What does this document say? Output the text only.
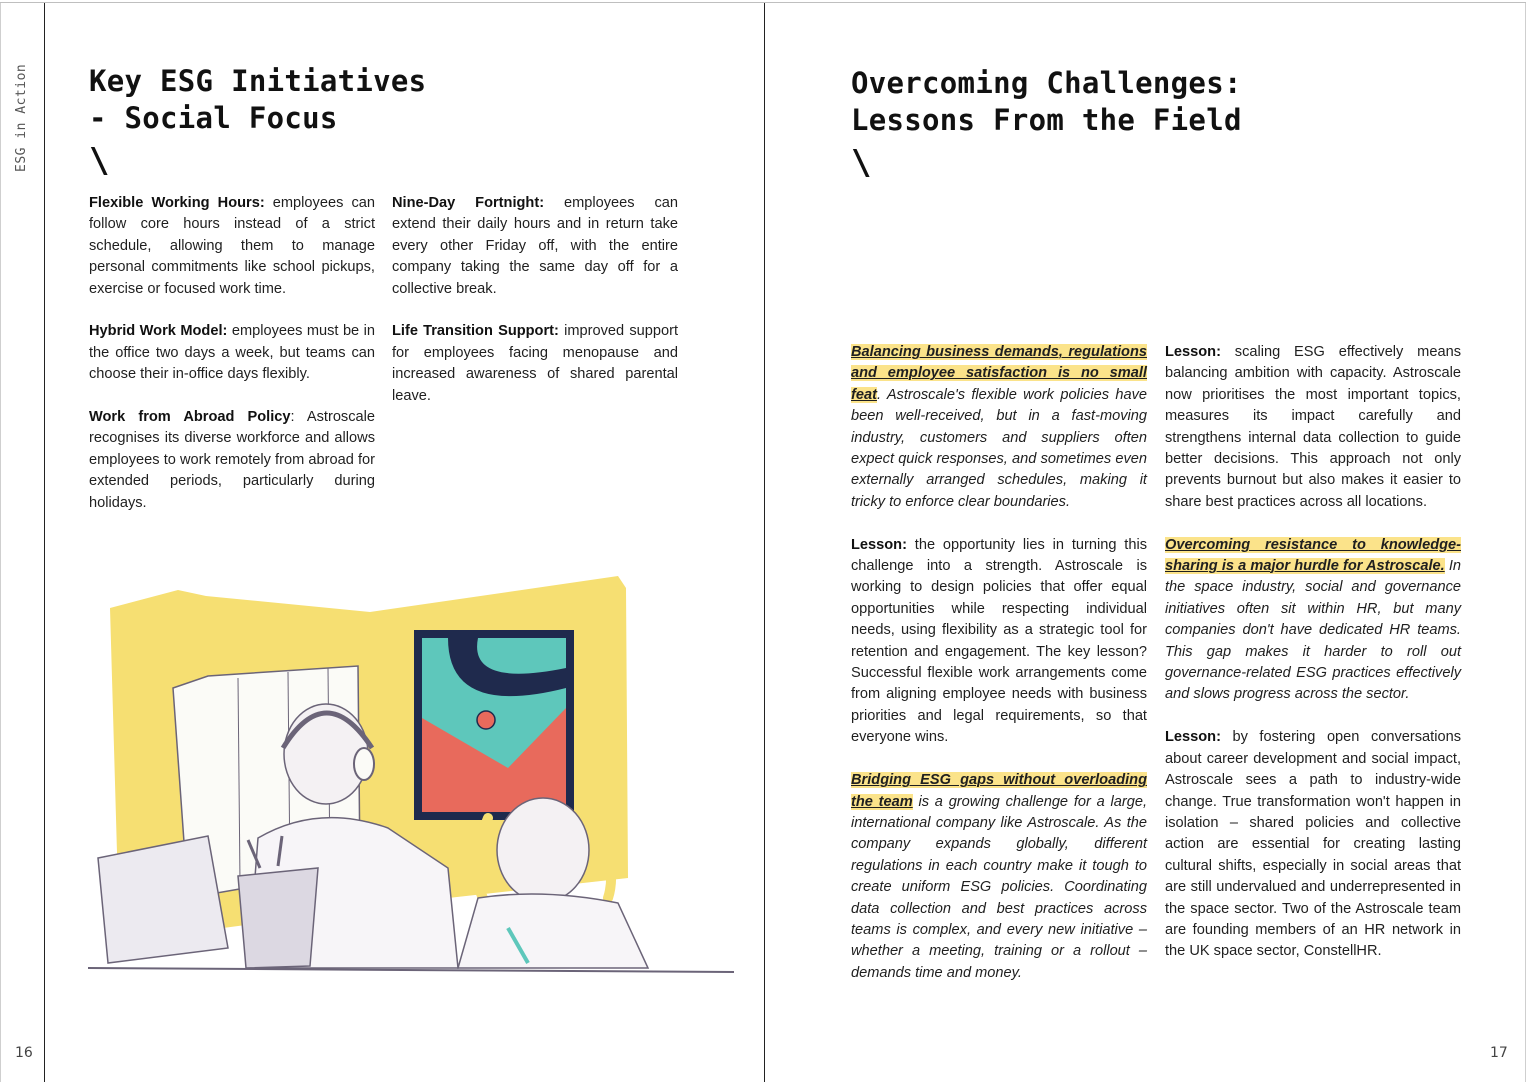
ESG in Action
16	17
Key ESG Initiatives
- Social Focus
\

Flexible Working Hours: employees can follow core hours instead of a strict schedule, allowing them to manage personal commitments like school pickups, exercise or focused work time.

Hybrid Work Model: employees must be in the office two days a week, but teams can choose their in-office days flexibly.

Work from Abroad Policy: Astroscale recognises its diverse workforce and allows employees to work remotely from abroad for extended periods, particularly during holidays.

Nine-Day Fortnight: employees can extend their daily hours and in return take every other Friday off, with the entire company taking the same day off for a collective break.

Life Transition Support: improved support for employees facing menopause and increased awareness of shared parental leave.

Overcoming Challenges:
Lessons From the Field
\

Balancing business demands, regulations and employee satisfaction is no small feat. Astroscale's flexible work policies have been well-received, but in a fast-moving industry, customers and suppliers often expect quick responses, and sometimes even externally arranged schedules, making it tricky to enforce clear boundaries.

Lesson: the opportunity lies in turning this challenge into a strength. Astroscale is working to design policies that offer equal opportunities while respecting individual needs, using flexibility as a strategic tool for retention and engagement. The key lesson? Successful flexible work arrangements come from aligning employee needs with business priorities and legal requirements, so that everyone wins.

Bridging ESG gaps without overloading the team is a growing challenge for a large, international company like Astroscale. As the company expands globally, different regulations in each country make it tough to create uniform ESG policies. Coordinating data collection and best practices across teams is complex, and every new initiative – whether a meeting, training or a rollout – demands time and money.

Lesson: scaling ESG effectively means balancing ambition with capacity. Astroscale now prioritises the most important topics, measures its impact carefully and strengthens internal data collection to guide better decisions. This approach not only prevents burnout but also makes it easier to share best practices across all locations.

Overcoming resistance to knowledge-sharing is a major hurdle for Astroscale. In the space industry, social and governance initiatives often sit within HR, but many companies don't have dedicated HR teams. This gap makes it harder to roll out governance-related ESG practices effectively and slows progress across the sector.

Lesson: by fostering open conversations about career development and social impact, Astroscale sees a path to industry-wide change. True transformation won't happen in isolation – shared policies and collective action are essential for creating lasting cultural shifts, especially in social areas that are still undervalued and underrepresented in the space sector. Two of the Astroscale team are founding members of an HR network in the UK space sector, ConstellHR.
